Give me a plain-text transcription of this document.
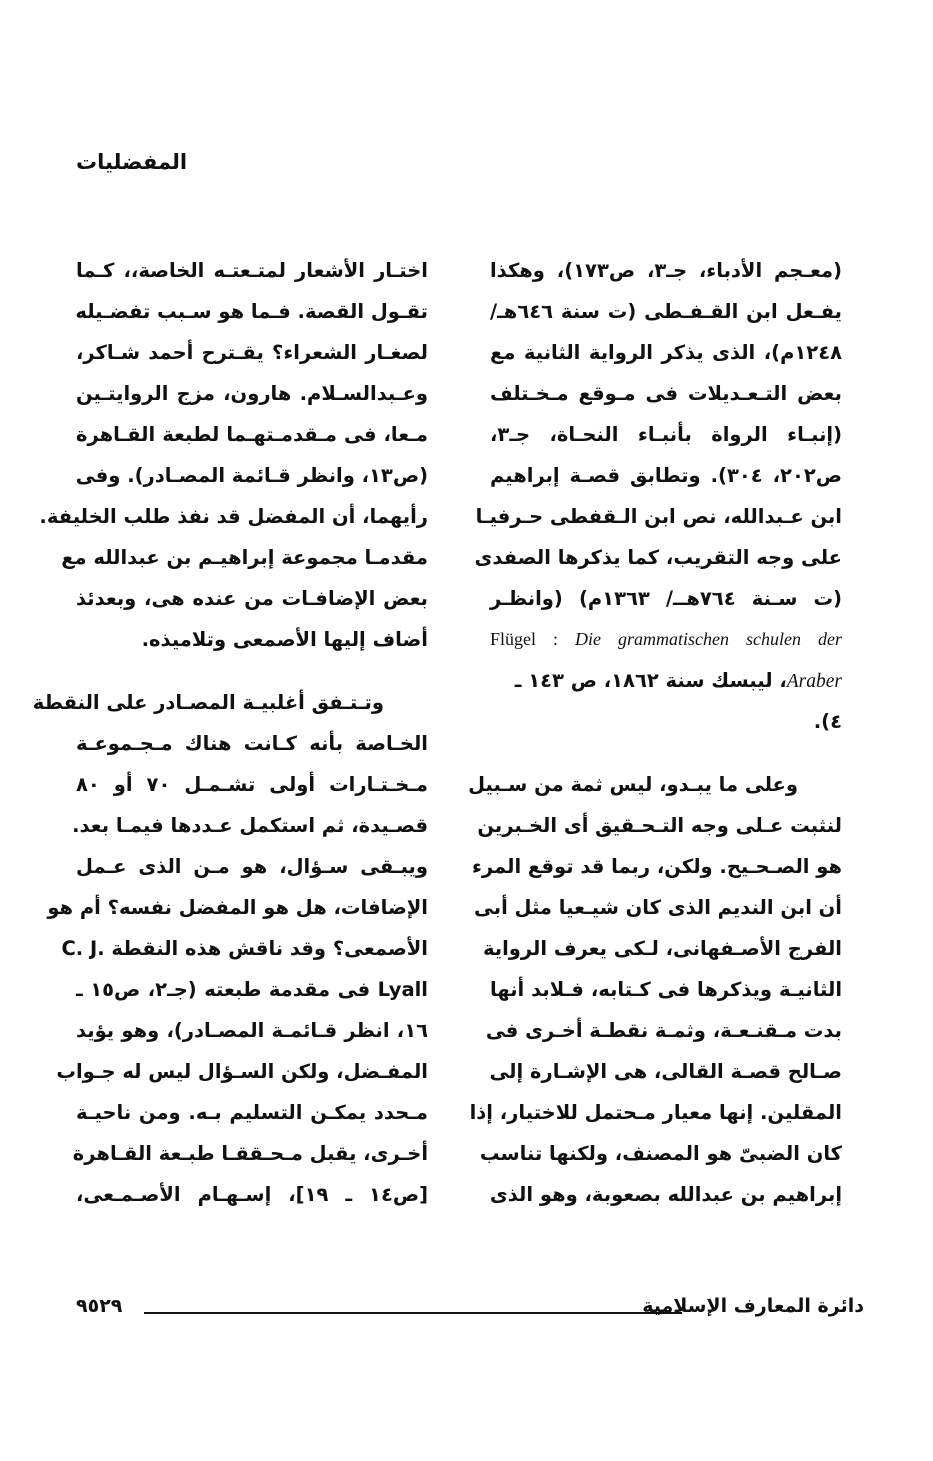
المفضليات
(معـجم الأدباء، جـ٣، ص١٧٣)، وهكذا
يفـعل ابن القـفـطى (ت سنة ٦٤٦هـ/
١٢٤٨م)، الذى يذكر الرواية الثانية مع
بعض التـعـديلات فى مـوقع مـخـتلف
(إنبـاء الرواة بأنبـاء النحـاة، جـ٣،
ص٢٠٢، ٣٠٤). وتطابق قصـة إبراهيم
ابن عـبدالله، نص ابن الـقفطى حـرفيـا
على وجه التقريب، كما يذكرها الصفدى
(ت سـنة ٧٦٤هــ/ ١٣٦٣م) (وانظـر
Flügel : Die grammatischen schulen der
Araber، ليبسك سنة ١٨٦٢، ص ١٤٣ ـ
٤).
وعلى ما يبـدو، ليس ثمة من سـبيل
لنثبت عـلى وجه التـحـقيق أى الخـبرين
هو الصـحـيح. ولكن، ربما قد توقع المرء
أن ابن النديم الذى كان شيـعيا مثل أبى
الفرج الأصـفهانى، لـكى يعرف الرواية
الثانيـة ويذكرها فى كـتابه، فـلابد أنها
بدت مـقنـعـة، وثمـة نقطـة أخـرى فى
صـالح قصـة القالى، هى الإشـارة إلى
المقلين. إنها معيار مـحتمل للاختيار، إذا
كان الضبىّ هو المصنف، ولكنها تناسب
إبراهيم بن عبدالله بصعوبة، وهو الذى
اختـار الأشعار لمتـعتـه الخاصة،، كـما
تقـول القصة. فـما هو سـبب تفضـيله
لصغـار الشعراء؟ يقـترح أحمد شـاكر،
وعـبدالسـلام. هارون، مزج الروايتـين
مـعا، فى مـقدمـتهـما لطبعة القـاهرة
(ص١٣، وانظر قـائمة المصـادر). وفى
رأيهما، أن المفضل قد نفذ طلب الخليفة.
مقدمـا مجموعة إبراهيـم بن عبدالله مع
بعض الإضافـات من عنده هى، وبعدئذ
أضاف إليها الأصمعى وتلاميذه.
وتـتـفق أغلبيـة المصـادر على النقطة
الخـاصة بأنه كـانت هناك مـجـموعـة
مـخـتـارات أولى تشـمـل ٧٠ أو ٨٠
قصـيدة، ثم استكمل عـددها فيمـا بعد.
ويبـقى سـؤال، هو مـن الذى عـمل
الإضافات، هل هو المفضل نفسه؟ أم هو
الأصمعى؟ وقد ناقش هذه النقطة .C. J
Lyall فى مقدمة طبعته (جـ٢، ص١٥ ـ
١٦، انظر قـائمـة المصـادر)، وهو يؤيد
المفـضل، ولكن السـؤال ليس له جـواب
مـحدد يمكـن التسليم بـه. ومن ناحيـة
أخـرى، يقبل مـحـققـا طبـعة القـاهرة
[ص١٤ ـ ١٩]، إسـهـام الأصـمـعى،
٩٥٢٩	دائرة المعارف الإسلامية
